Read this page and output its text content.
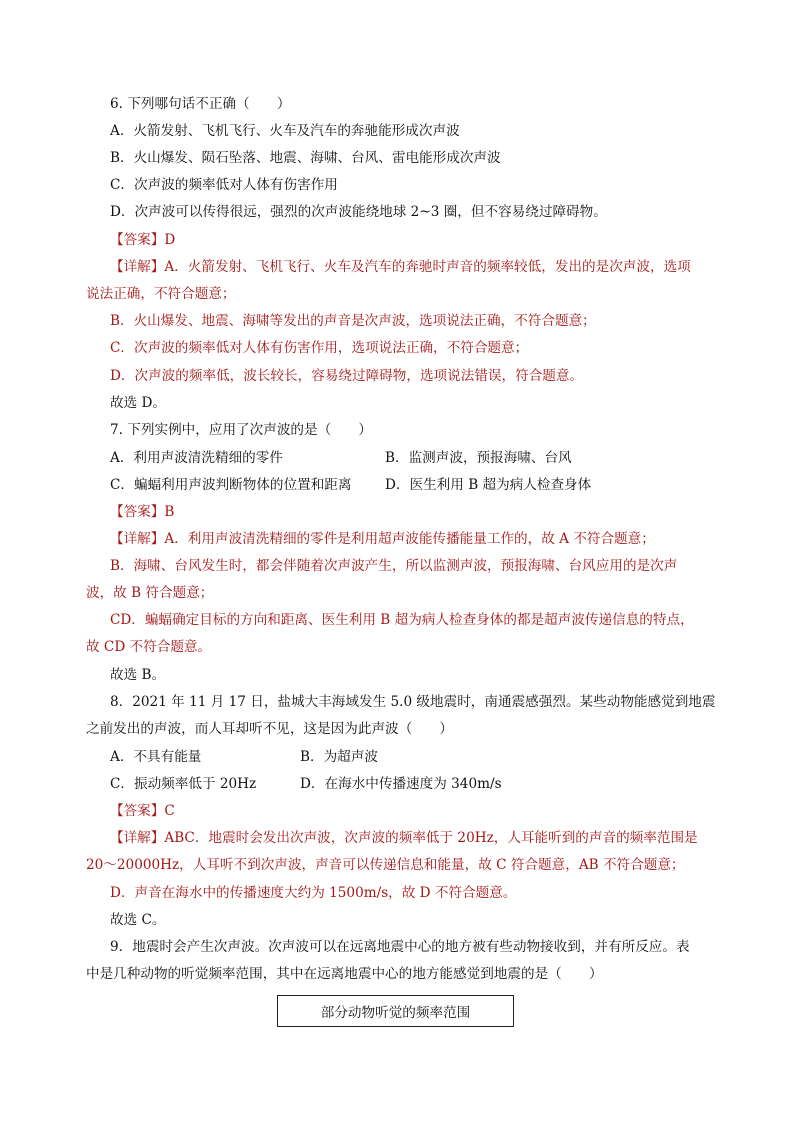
6. 下列哪句话不正确（　　）
A．火箭发射、飞机飞行、火车及汽车的奔驰能形成次声波
B．火山爆发、陨石坠落、地震、海啸、台风、雷电能形成次声波
C．次声波的频率低对人体有伤害作用
D．次声波可以传得很远，强烈的次声波能绕地球 2~3 圈，但不容易绕过障碍物。
【答案】D
【详解】A．火箭发射、飞机飞行、火车及汽车的奔驰时声音的频率较低，发出的是次声波，选项
说法正确，不符合题意；
B．火山爆发、地震、海啸等发出的声音是次声波，选项说法正确，不符合题意；
C．次声波的频率低对人体有伤害作用，选项说法正确，不符合题意；
D．次声波的频率低，波长较长，容易绕过障碍物，选项说法错误，符合题意。
故选 D。
7. 下列实例中，应用了次声波的是（　　）
A．利用声波清洗精细的零件	B．监测声波，预报海啸、台风
C．蝙蝠利用声波判断物体的位置和距离 D．医生利用 B 超为病人检查身体
【答案】B
【详解】A．利用声波清洗精细的零件是利用超声波能传播能量工作的，故 A 不符合题意；
B．海啸、台风发生时，都会伴随着次声波产生，所以监测声波，预报海啸、台风应用的是次声
波，故 B 符合题意；
CD．蝙蝠确定目标的方向和距离、医生利用 B 超为病人检查身体的都是超声波传递信息的特点，
故 CD 不符合题意。
故选 B。
8．2021 年 11 月 17 日，盐城大丰海域发生 5.0 级地震时，南通震感强烈。某些动物能感觉到地震
之前发出的声波，而人耳却听不见，这是因为此声波（　　）
A．不具有能量	B．为超声波
C．振动频率低于 20Hz	D．在海水中传播速度为 340m/s
【答案】C
【详解】ABC．地震时会发出次声波，次声波的频率低于 20Hz，人耳能听到的声音的频率范围是
20～20000Hz，人耳听不到次声波，声音可以传递信息和能量，故 C 符合题意，AB 不符合题意；
D．声音在海水中的传播速度大约为 1500m/s，故 D 不符合题意。
故选 C。
9．地震时会产生次声波。次声波可以在远离地震中心的地方被有些动物接收到，并有所反应。表
中是几种动物的听觉频率范围，其中在远离地震中心的地方能感觉到地震的是（　　）
部分动物听觉的频率范围
